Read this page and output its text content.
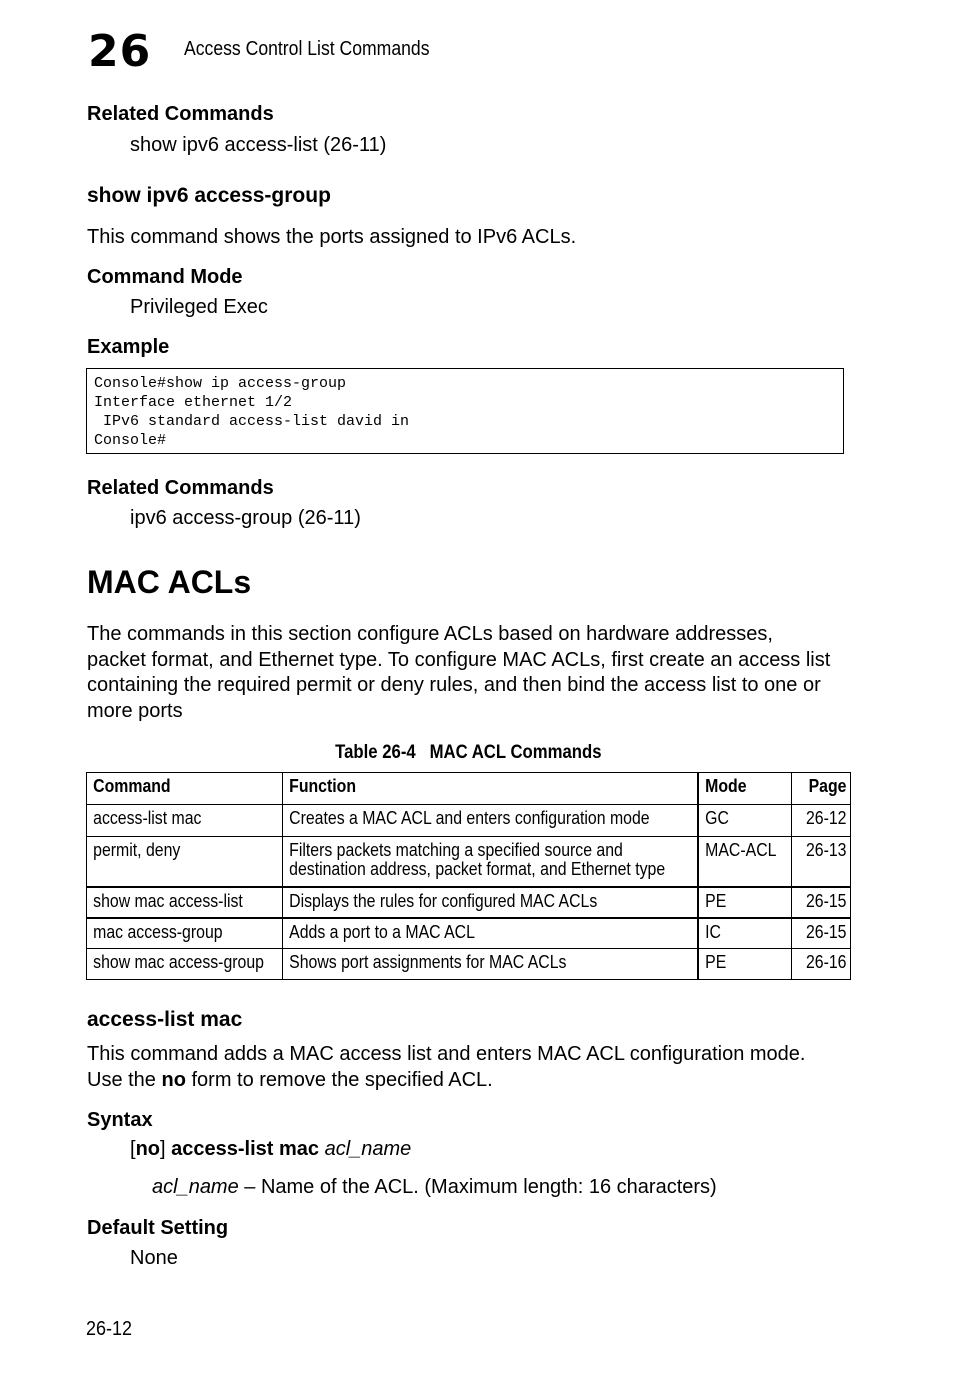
26	Access Control List Commands
Related Commands
show ipv6 access-list (26-11)
show ipv6 access-group
This command shows the ports assigned to IPv6 ACLs.
Command Mode
Privileged Exec
Example
Console#show ip access-group
Interface ethernet 1/2
IPv6 standard access-list david in
Console#
Related Commands
ipv6 access-group (26-11)
MAC ACLs
The commands in this section configure ACLs based on hardware addresses,
packet format, and Ethernet type. To configure MAC ACLs, first create an access list
containing the required permit or deny rules, and then bind the access list to one or
more ports
Table 26-4   MAC ACL Commands
Command	Function	Mode	Page

access-list mac	Creates a MAC ACL and enters configuration mode	GC	26-12

permit, deny	Filters packets matching a specified source and
destination address, packet format, and Ethernet type	MAC-ACL	26-13

show mac access-list	Displays the rules for configured MAC ACLs	PE	26-15

mac access-group	Adds a port to a MAC ACL	IC	26-15

show mac access-group	Shows port assignments for MAC ACLs	PE	26-16
access-list mac
This command adds a MAC access list and enters MAC ACL configuration mode.
Use the no form to remove the specified ACL.
Syntax
[no] access-list mac acl_name
acl_name – Name of the ACL. (Maximum length: 16 characters)
Default Setting
None
26-12
